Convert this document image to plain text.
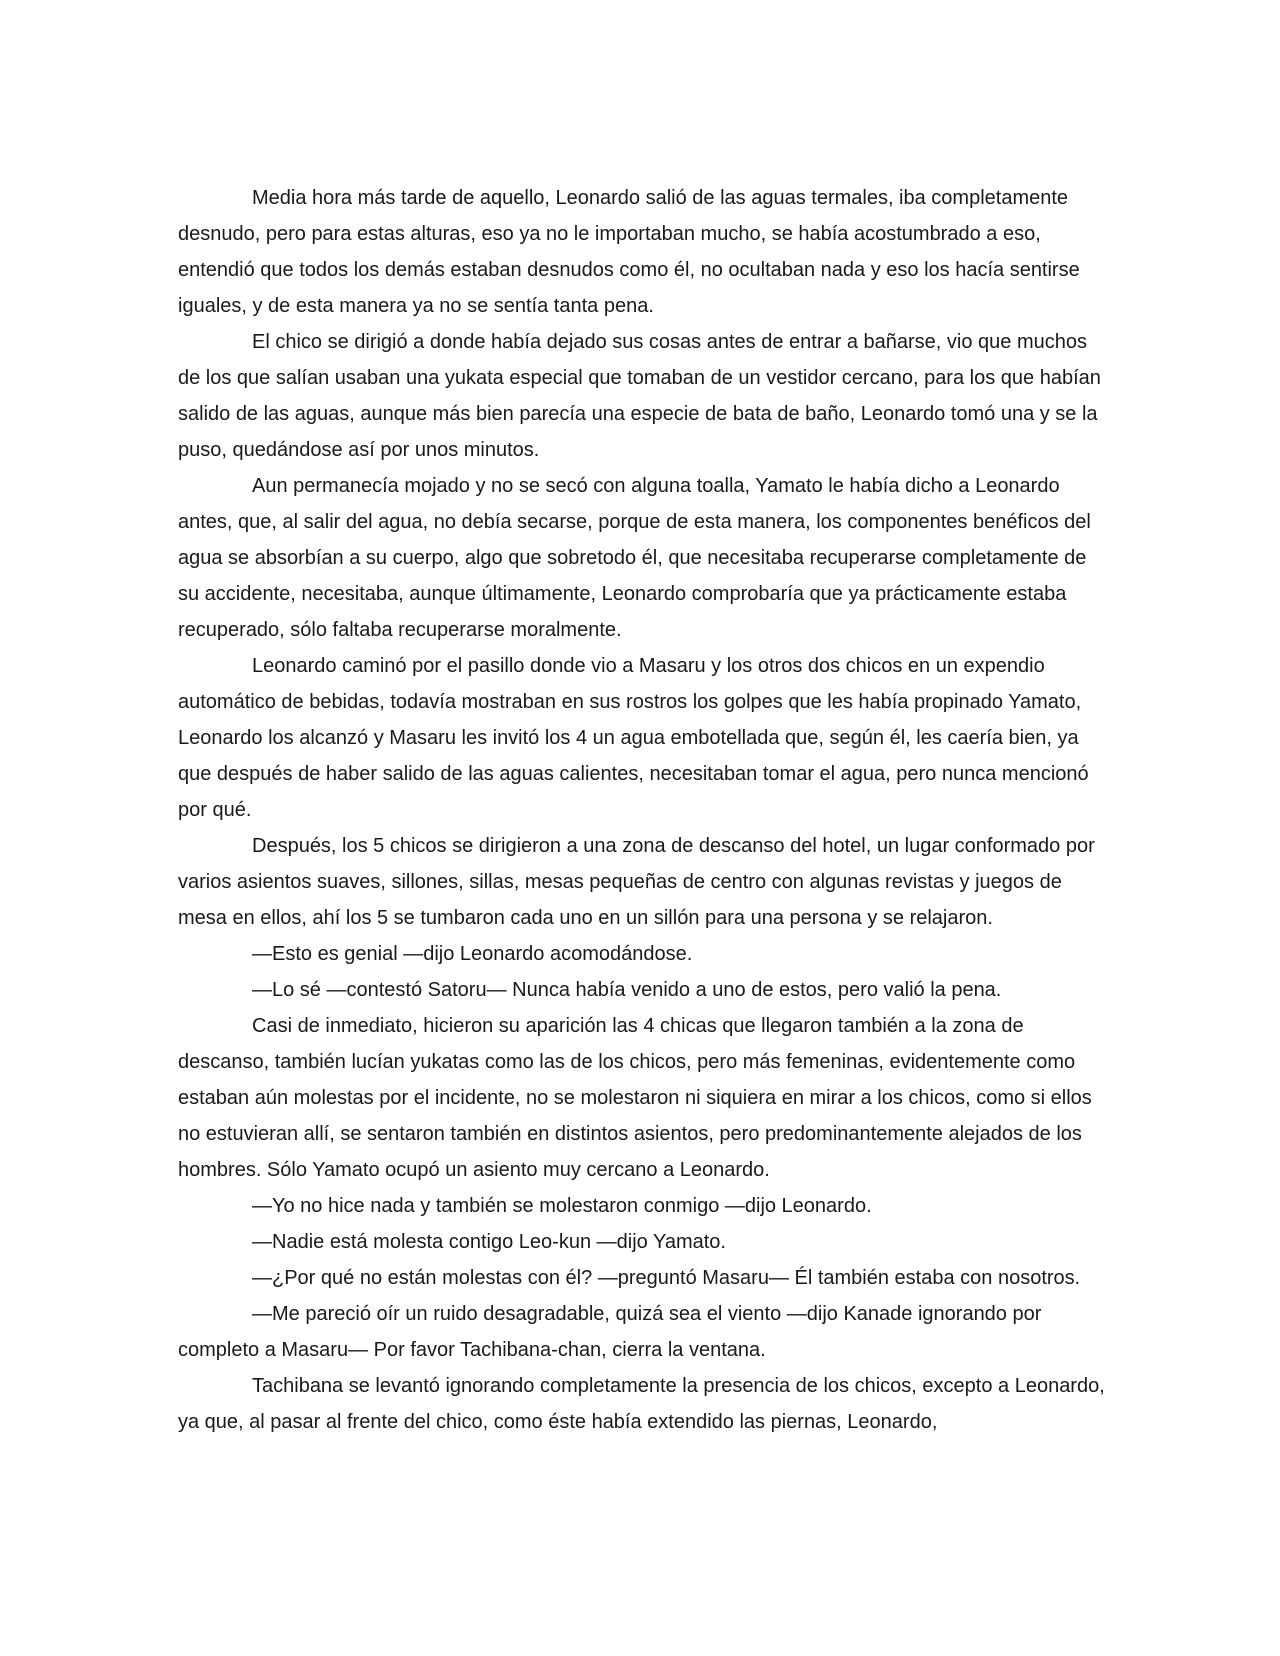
Media hora más tarde de aquello, Leonardo salió de las aguas termales, iba completamente desnudo, pero para estas alturas, eso ya no le importaban mucho, se había acostumbrado a eso, entendió que todos los demás estaban desnudos como él, no ocultaban nada y eso los hacía sentirse iguales, y de esta manera ya no se sentía tanta pena.

El chico se dirigió a donde había dejado sus cosas antes de entrar a bañarse, vio que muchos de los que salían usaban una yukata especial que tomaban de un vestidor cercano, para los que habían salido de las aguas, aunque más bien parecía una especie de bata de baño, Leonardo tomó una y se la puso, quedándose así por unos minutos.

Aun permanecía mojado y no se secó con alguna toalla, Yamato le había dicho a Leonardo antes, que, al salir del agua, no debía secarse, porque de esta manera, los componentes benéficos del agua se absorbían a su cuerpo, algo que sobretodo él, que necesitaba recuperarse completamente de su accidente, necesitaba, aunque últimamente, Leonardo comprobaría que ya prácticamente estaba recuperado, sólo faltaba recuperarse moralmente.

Leonardo caminó por el pasillo donde vio a Masaru y los otros dos chicos en un expendio automático de bebidas, todavía mostraban en sus rostros los golpes que les había propinado Yamato, Leonardo los alcanzó y Masaru les invitó los 4 un agua embotellada que, según él, les caería bien, ya que después de haber salido de las aguas calientes, necesitaban tomar el agua, pero nunca mencionó por qué.

Después, los 5 chicos se dirigieron a una zona de descanso del hotel, un lugar conformado por varios asientos suaves, sillones, sillas, mesas pequeñas de centro con algunas revistas y juegos de mesa en ellos, ahí los 5 se tumbaron cada uno en un sillón para una persona y se relajaron.

—Esto es genial —dijo Leonardo acomodándose.

—Lo sé —contestó Satoru— Nunca había venido a uno de estos, pero valió la pena.

Casi de inmediato, hicieron su aparición las 4 chicas que llegaron también a la zona de descanso, también lucían yukatas como las de los chicos, pero más femeninas, evidentemente como estaban aún molestas por el incidente, no se molestaron ni siquiera en mirar a los chicos, como si ellos no estuvieran allí, se sentaron también en distintos asientos, pero predominantemente alejados de los hombres. Sólo Yamato ocupó un asiento muy cercano a Leonardo.

—Yo no hice nada y también se molestaron conmigo —dijo Leonardo.

—Nadie está molesta contigo Leo-kun —dijo Yamato.

—¿Por qué no están molestas con él? —preguntó Masaru— Él también estaba con nosotros.

—Me pareció oír un ruido desagradable, quizá sea el viento —dijo Kanade ignorando por completo a Masaru— Por favor Tachibana-chan, cierra la ventana.

Tachibana se levantó ignorando completamente la presencia de los chicos, excepto a Leonardo, ya que, al pasar al frente del chico, como éste había extendido las piernas, Leonardo,
